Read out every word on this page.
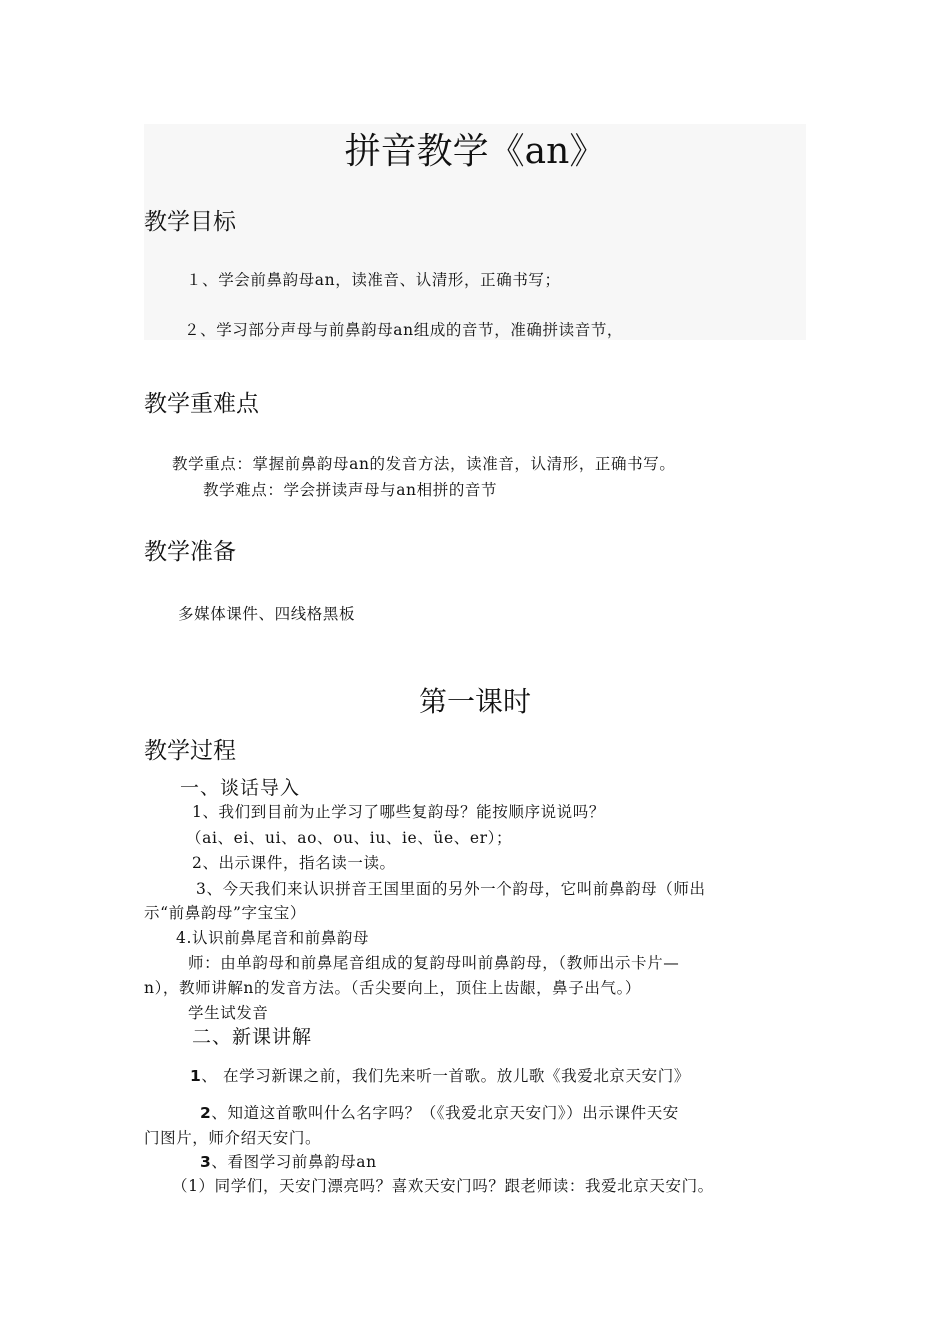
拼音教学《an》
教学目标
１、学会前鼻韵母an，读准音、认清形，正确书写；
２、学习部分声母与前鼻韵母an组成的音节，准确拼读音节，
教学重难点
教学重点：掌握前鼻韵母an的发音方法，读准音，认清形，正确书写。
教学难点：学会拼读声母与an相拼的音节
教学准备
多媒体课件、四线格黑板
第一课时
教学过程
一、谈话导入
1、我们到目前为止学习了哪些复韵母？能按顺序说说吗？
（ai、ei、ui、ao、ou、iu、ie、üe、er）；
2、出示课件，指名读一读。
3、今天我们来认识拼音王国里面的另外一个韵母，它叫前鼻韵母（师出
示“前鼻韵母”字宝宝）
4.认识前鼻尾音和前鼻韵母
师：由单韵母和前鼻尾音组成的复韵母叫前鼻韵母，（教师出示卡片—
n），教师讲解n的发音方法。（舌尖要向上，顶住上齿龈，鼻子出气。）
学生试发音
二、新课讲解
1、 在学习新课之前，我们先来听一首歌。放儿歌《我爱北京天安门》
2、知道这首歌叫什么名字吗？（《我爱北京天安门》）出示课件天安
门图片，师介绍天安门。
3、看图学习前鼻韵母an
（1）同学们，天安门漂亮吗？喜欢天安门吗？跟老师读：我爱北京天安门。
